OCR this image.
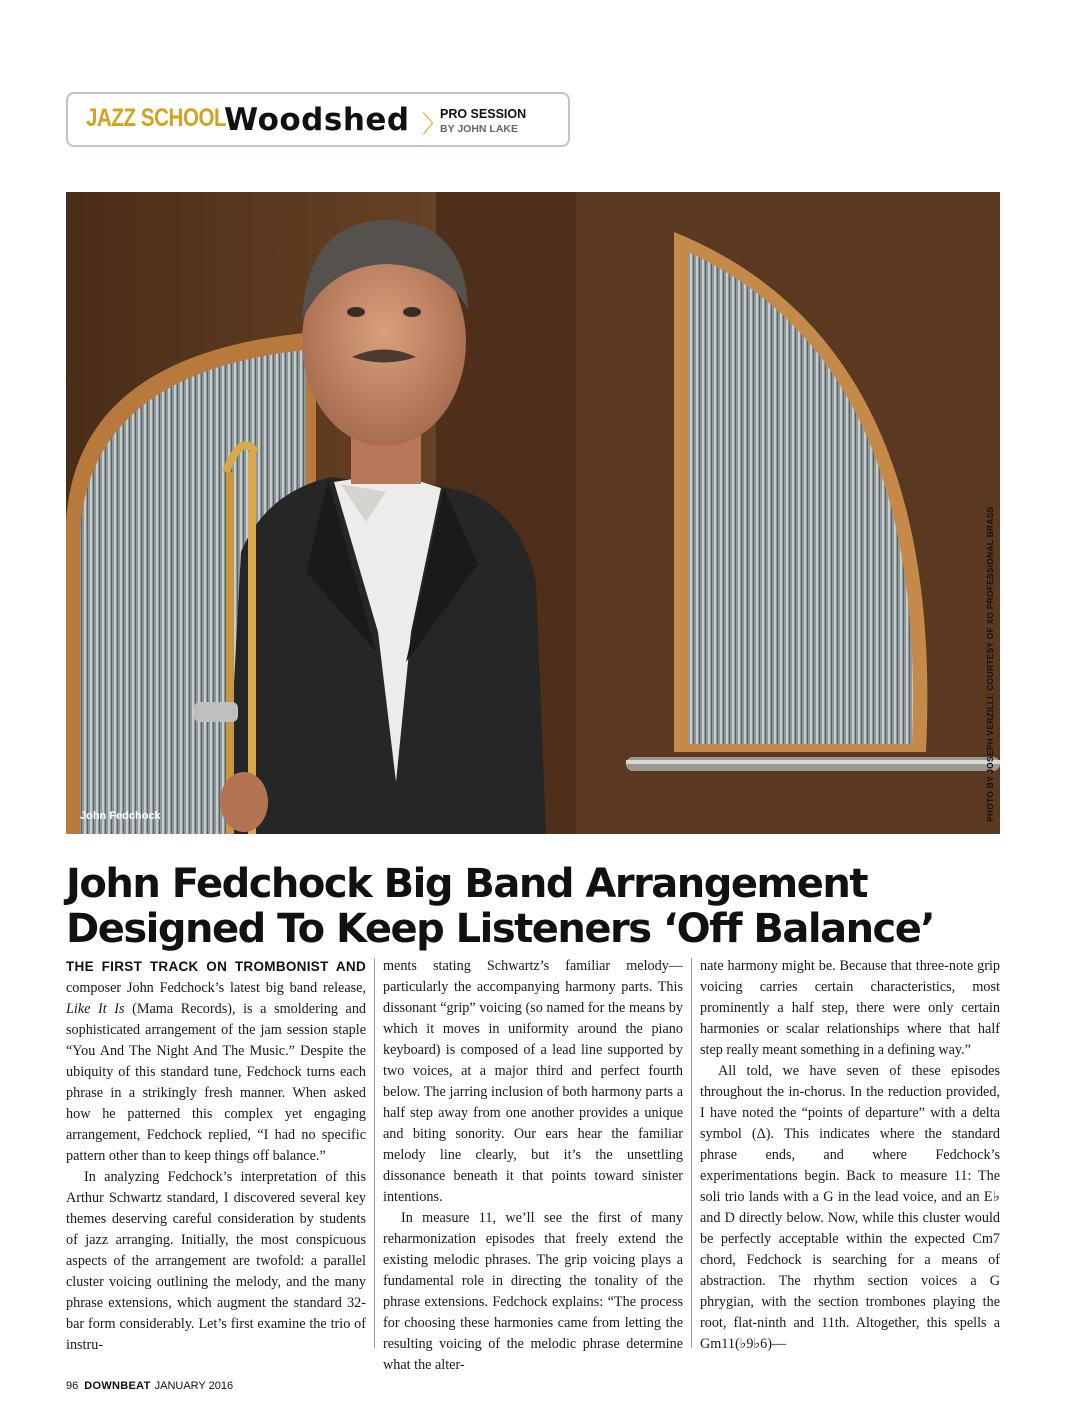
JAZZ SCHOOL
Woodshed 〉
PRO SESSION
BY JOHN LAKE
John Fedchock	PHOTO BY JOSEPH VERZILLI; COURTESY OF XO PROFESSIONAL BRASS
John Fedchock Big Band Arrangement
Designed To Keep Listeners ‘Off Balance’

THE FIRST TRACK ON TROMBONIST AND composer John Fedchock’s latest big band release, Like It Is (Mama Records), is a smoldering and sophisticated arrangement of the jam session staple “You And The Night And The Music.” Despite the ubiquity of this standard tune, Fedchock turns each phrase in a strikingly fresh manner. When asked how he patterned this complex yet engaging arrangement, Fedchock replied, “I had no specific pattern other than to keep things off balance.”

In analyzing Fedchock’s interpretation of this Arthur Schwartz standard, I discovered several key themes deserving careful consideration by students of jazz arranging. Initially, the most conspicuous aspects of the arrangement are twofold: a parallel cluster voicing outlining the melody, and the many phrase extensions, which augment the standard 32-bar form considerably. Let’s first examine the trio of instru-

ments stating Schwartz’s familiar melody—particularly the accompanying harmony parts. This dissonant “grip” voicing (so named for the means by which it moves in uniformity around the piano keyboard) is composed of a lead line supported by two voices, at a major third and perfect fourth below. The jarring inclusion of both harmony parts a half step away from one another provides a unique and biting sonority. Our ears hear the familiar melody line clearly, but it’s the unsettling dissonance beneath it that points toward sinister intentions.

In measure 11, we’ll see the first of many reharmonization episodes that freely extend the existing melodic phrases. The grip voicing plays a fundamental role in directing the tonality of the phrase extensions. Fedchock explains: “The process for choosing these harmonies came from letting the resulting voicing of the melodic phrase determine what the alter-

nate harmony might be. Because that three-note grip voicing carries certain characteristics, most prominently a half step, there were only certain harmonies or scalar relationships where that half step really meant something in a defining way.”

All told, we have seven of these episodes throughout the in-chorus. In the reduction provided, I have noted the “points of departure” with a delta symbol (Δ). This indicates where the standard phrase ends, and where Fedchock’s experimentations begin. Back to measure 11: The soli trio lands with a G in the lead voice, and an E♭ and D directly below. Now, while this cluster would be perfectly acceptable within the expected Cm7 chord, Fedchock is searching for a means of abstraction. The rhythm section voices a G phrygian, with the section trombones playing the root, flat-ninth and 11th. Altogether, this spells a Gm11(♭9♭6)—

96 DOWNBEAT JANUARY 2016
